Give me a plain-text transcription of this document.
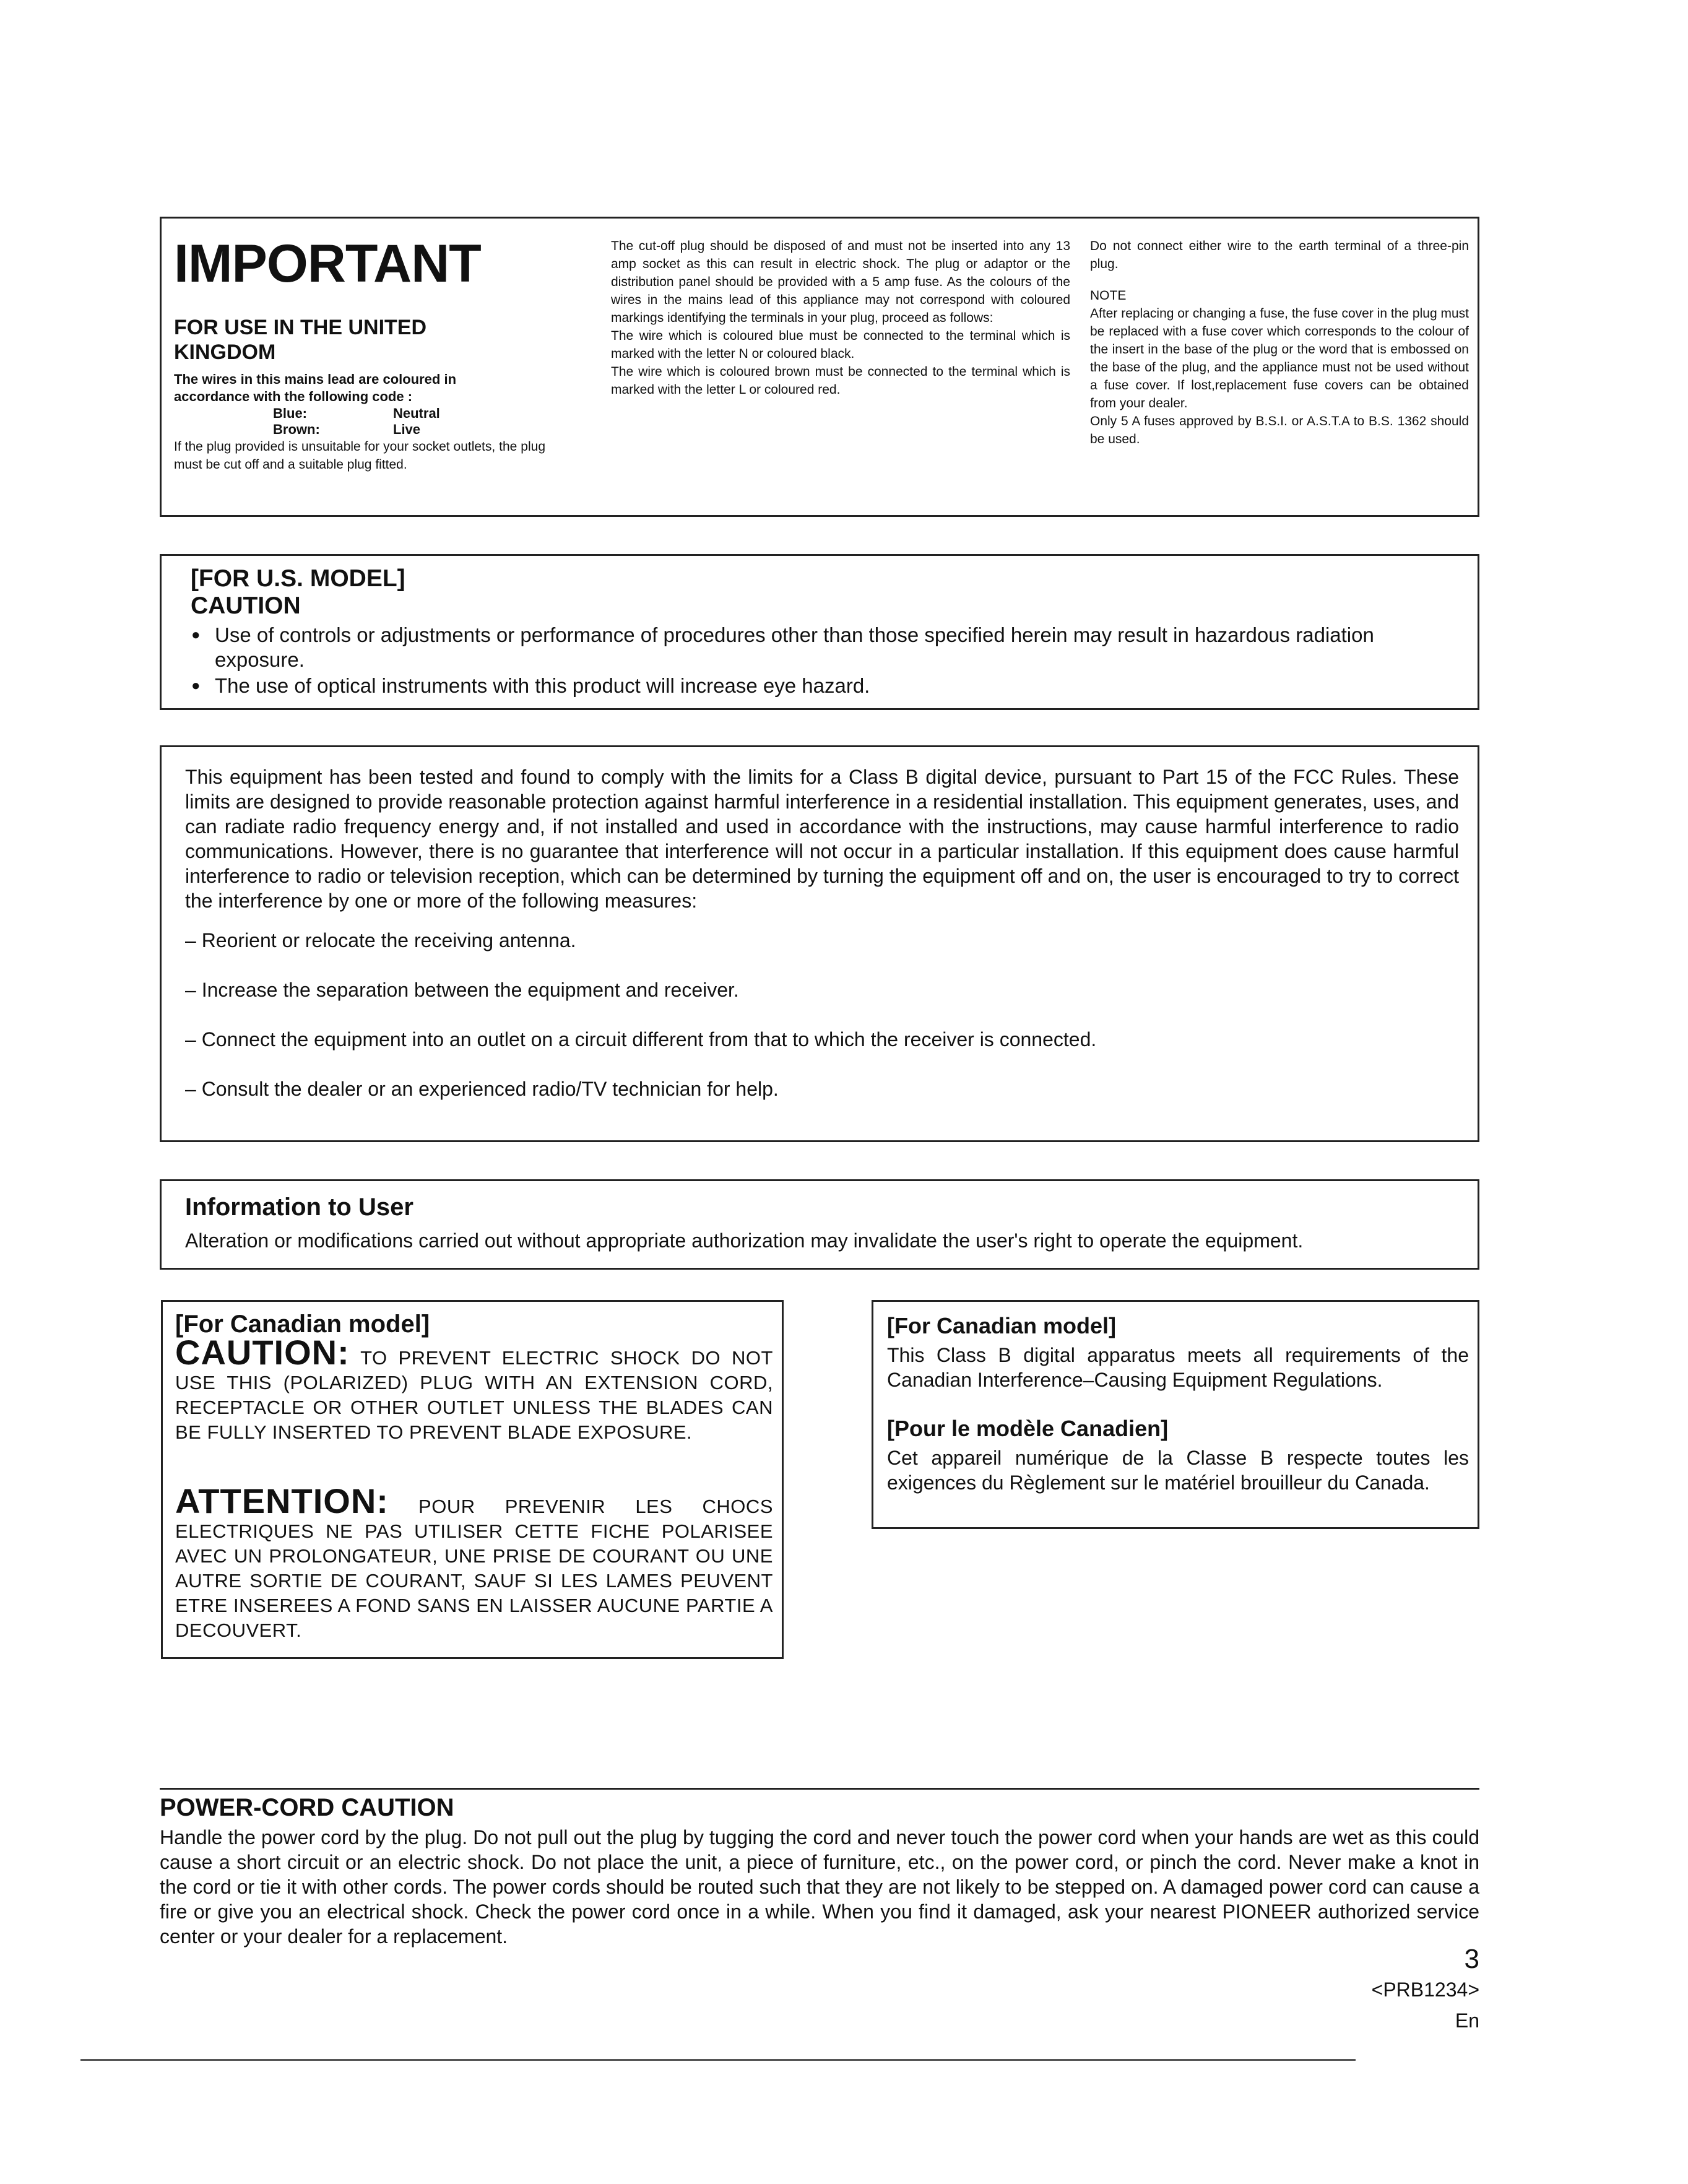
IMPORTANT

FOR USE IN THE UNITED KINGDOM

The wires in this mains lead are coloured in accordance with the following code :

Blue:	Neutral
Brown:	Live

If the plug provided is unsuitable for your socket outlets, the plug must be cut off and a suitable plug fitted.

The cut-off plug should be disposed of and must not be inserted into any 13 amp socket as this can result in electric shock. The plug or adaptor or the distribution panel should be provided with a 5 amp fuse. As the colours of the wires in the mains lead of this appliance may not correspond with coloured markings identifying the terminals in your plug, proceed as follows:

The wire which is coloured blue must be connected to the terminal which is marked with the letter N or coloured black.

The wire which is coloured brown must be connected to the terminal which is marked with the letter L or coloured red.

Do not connect either wire to the earth terminal of a three-pin plug.

NOTE

After replacing or changing a fuse, the fuse cover in the plug must be replaced with a fuse cover which corresponds to the colour of the insert in the base of the plug or the word that is embossed on the base of the plug, and the appliance must not be used without a fuse cover. If lost,replacement fuse covers can be obtained from your dealer.

Only 5 A fuses approved by B.S.I. or A.S.T.A to B.S. 1362 should be used.

[FOR U.S. MODEL]

CAUTION

● Use of controls or adjustments or performance of procedures other than those specified herein may result in hazardous radiation exposure.
● The use of optical instruments with this product will increase eye hazard.

This equipment has been tested and found to comply with the limits for a Class B digital device, pursuant to Part 15 of the FCC Rules. These limits are designed to provide reasonable protection against harmful interference in a residential installation. This equipment generates, uses, and can radiate radio frequency energy and, if not installed and used in accordance with the instructions, may cause harmful interference to radio communications. However, there is no guarantee that interference will not occur in a particular installation. If this equipment does cause harmful interference to radio or television reception, which can be determined by turning the equipment off and on, the user is encouraged to try to correct the interference by one or more of the following measures:

– Reorient or relocate the receiving antenna.

– Increase the separation between the equipment and receiver.

– Connect the equipment into an outlet on a circuit different from that to which the receiver is connected.

– Consult the dealer or an experienced radio/TV technician for help.

Information to User

Alteration or modifications carried out without appropriate authorization may invalidate the user's right to operate the equipment.

[For Canadian model]

CAUTION: TO PREVENT ELECTRIC SHOCK DO NOT USE THIS (POLARIZED) PLUG WITH AN EXTENSION CORD, RECEPTACLE OR OTHER OUTLET UNLESS THE BLADES CAN BE FULLY INSERTED TO PREVENT BLADE EXPOSURE.

ATTENTION: POUR PREVENIR LES CHOCS ELECTRIQUES NE PAS UTILISER CETTE FICHE POLARISEE AVEC UN PROLONGATEUR, UNE PRISE DE COURANT OU UNE AUTRE SORTIE DE COURANT, SAUF SI LES LAMES PEUVENT ETRE INSEREES A FOND SANS EN LAISSER AUCUNE PARTIE A DECOUVERT.

[For Canadian model]

This Class B digital apparatus meets all requirements of the Canadian Interference–Causing Equipment Regulations.

[Pour le modèle Canadien]

Cet appareil numérique de la Classe B respecte toutes les exigences du Règlement sur le matériel brouilleur du Canada.

POWER-CORD CAUTION

Handle the power cord by the plug. Do not pull out the plug by tugging the cord and never touch the power cord when your hands are wet as this could cause a short circuit or an electric shock. Do not place the unit, a piece of furniture, etc., on the power cord, or pinch the cord. Never make a knot in the cord or tie it with other cords. The power cords should be routed such that they are not likely to be stepped on. A damaged power cord can cause a fire or give you an electrical shock. Check the power cord once in a while. When you find it damaged, ask your nearest PIONEER authorized service center or your dealer for a replacement.

3

<PRB1234>

En
